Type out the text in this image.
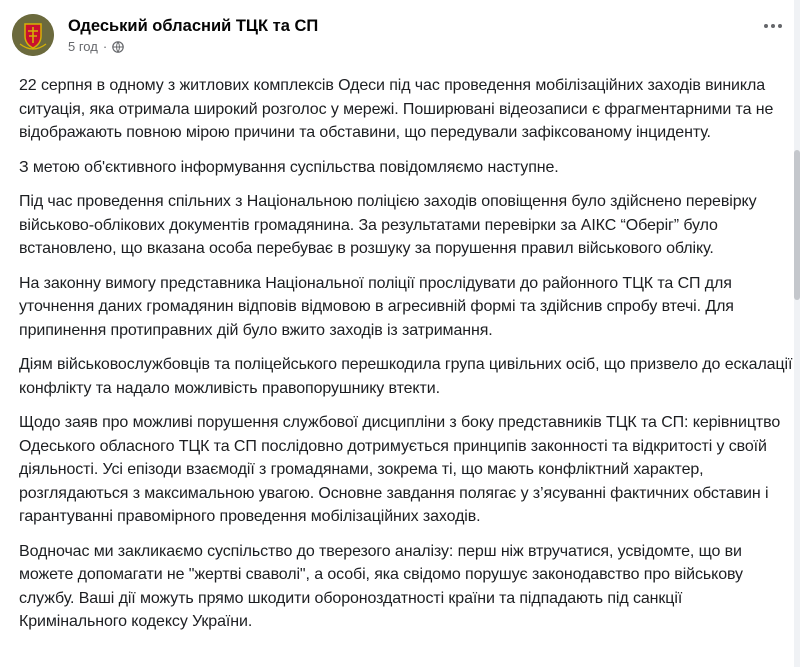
Одеський обласний ТЦК та СП
5 год ·

22 серпня в одному з житлових комплексів Одеси під час проведення мобілізаційних заходів виникла ситуація, яка отримала широкий розголос у мережі. Поширювані відеозаписи є фрагментарними та не відображають повною мірою причини та обставини, що передували зафіксованому інциденту.

З метою об'єктивного інформування суспільства повідомляємо наступне.

Під час проведення спільних з Національною поліцією заходів оповіщення було здійснено перевірку військово-облікових документів громадянина. За результатами перевірки за АІКС “Оберіг” було встановлено, що вказана особа перебуває в розшуку за порушення правил військового обліку.

На законну вимогу представника Національної поліції прослідувати до районного ТЦК та СП для уточнення даних громадянин відповів відмовою в агресивній формі та здійснив спробу втечі. Для припинення протиправних дій було вжито заходів із затримання.

Діям військовослужбовців та поліцейського перешкодила група цивільних осіб, що призвело до ескалації конфлікту та надало можливість правопорушнику втекти.

Щодо заяв про можливі порушення службової дисципліни з боку представників ТЦК та СП: керівництво Одеського обласного ТЦК та СП послідовно дотримується принципів законності та відкритості у своїй діяльності. Усі епізоди взаємодії з громадянами, зокрема ті, що мають конфліктний характер, розглядаються з максимальною увагою. Основне завдання полягає у з’ясуванні фактичних обставин і гарантуванні правомірного проведення мобілізаційних заходів.

Водночас ми закликаємо суспільство до тверезого аналізу: перш ніж втручатися, усвідомте, що ви можете допомагати не "жертві сваволі", а особі, яка свідомо порушує законодавство про військову службу. Ваші дії можуть прямо шкодити обороноздатності країни та підпадають під санкції Кримінального кодексу України.
